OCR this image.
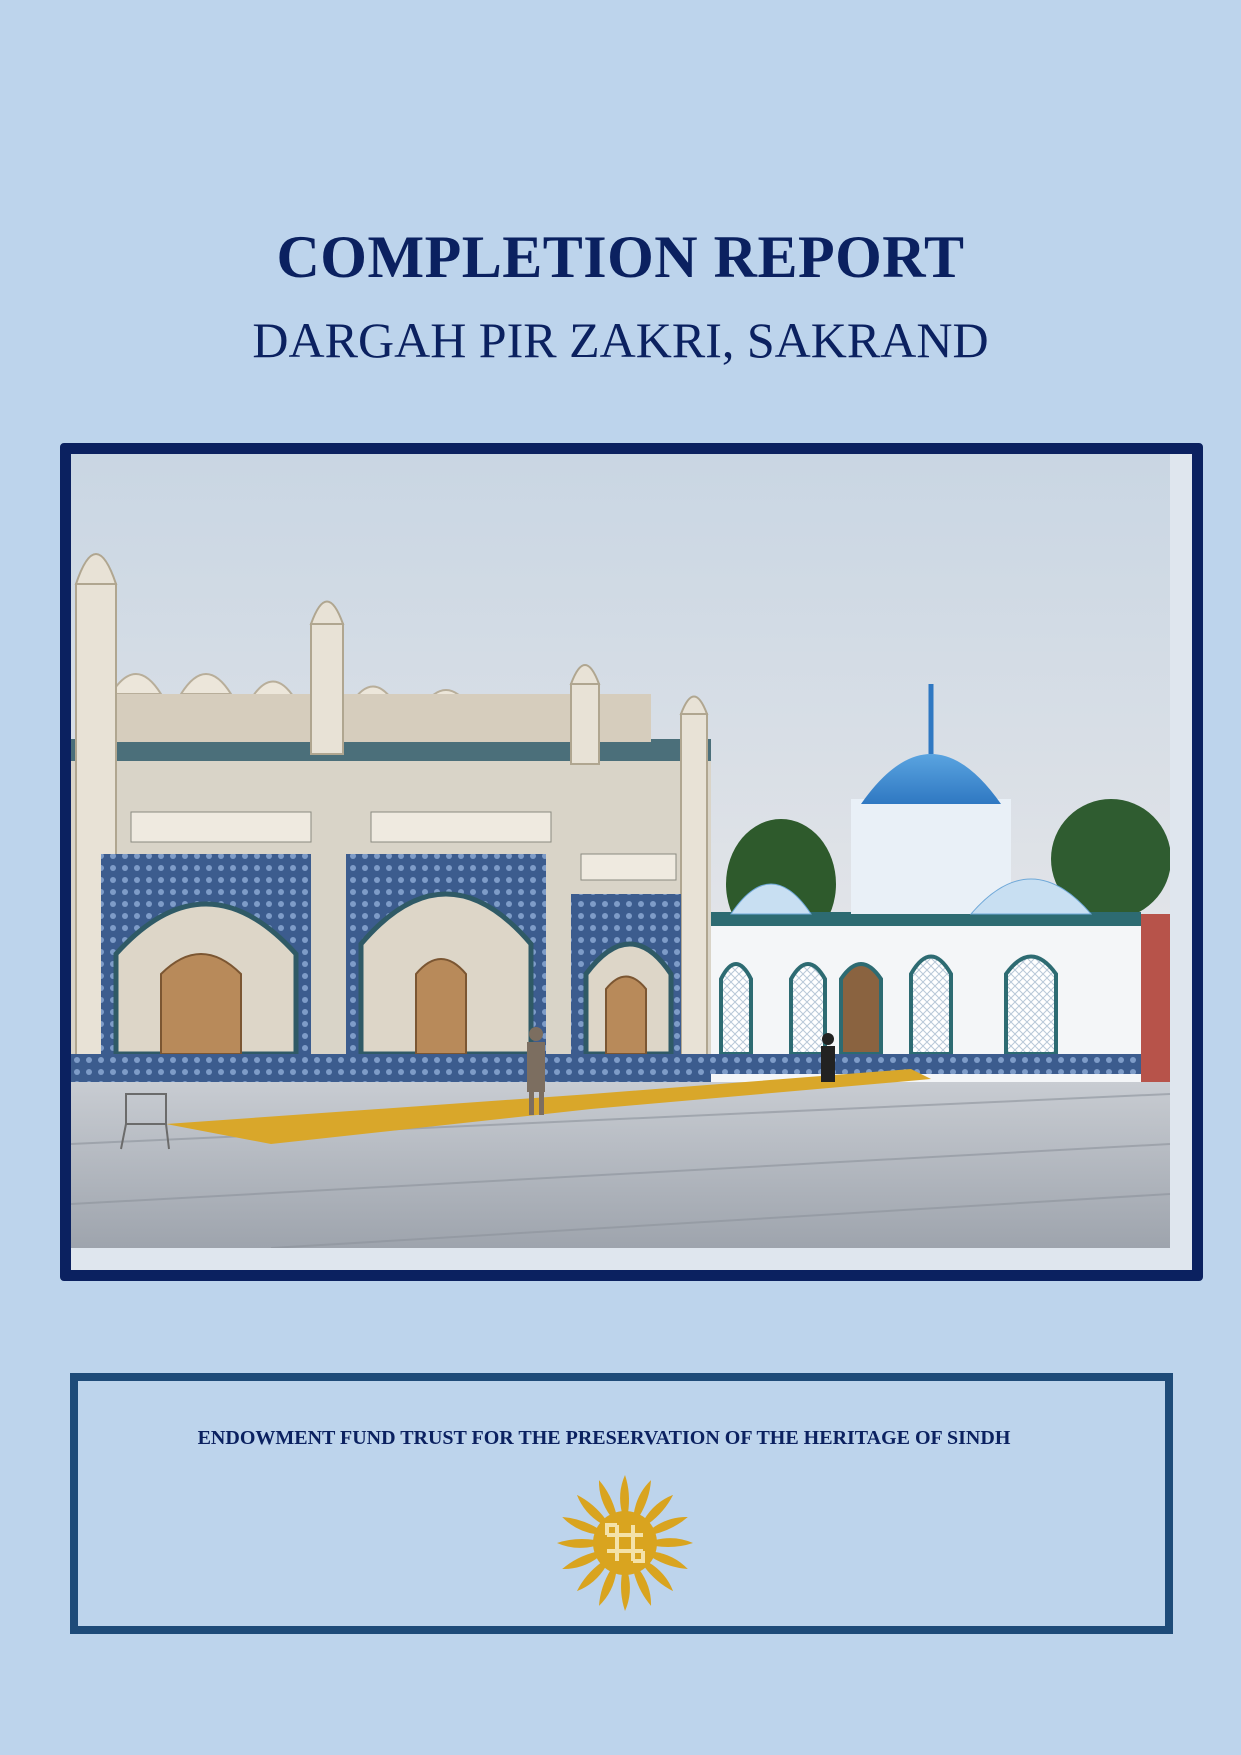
COMPLETION REPORT
DARGAH PIR ZAKRI, SAKRAND
ENDOWMENT FUND TRUST FOR THE PRESERVATION OF THE HERITAGE OF SINDH
